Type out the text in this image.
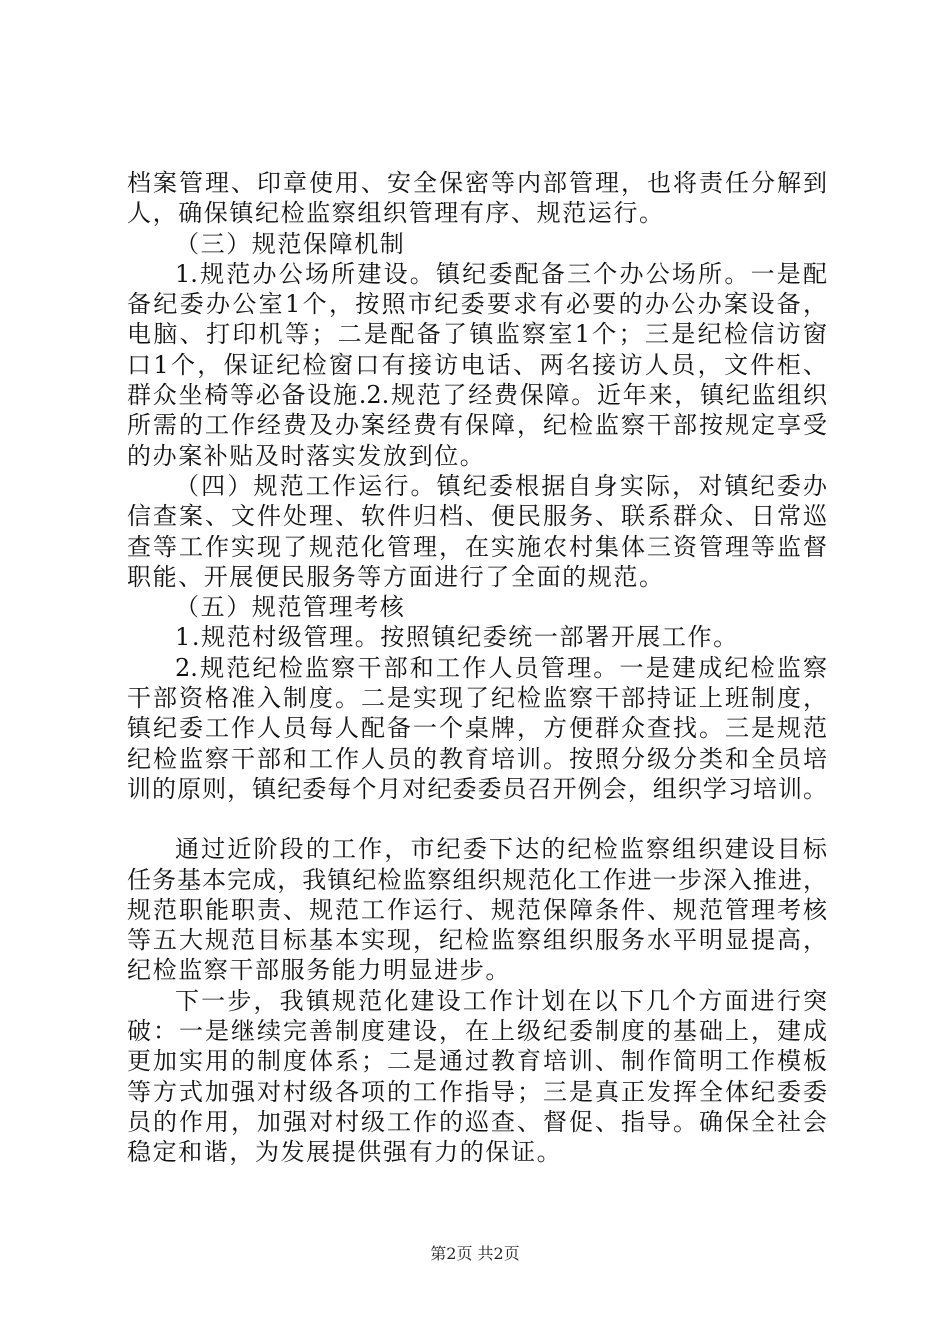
档案管理、印章使用、安全保密等内部管理，也将责任分解到
人，确保镇纪检监察组织管理有序、规范运行。
（三）规范保障机制
1.规范办公场所建设。镇纪委配备三个办公场所。一是配
备纪委办公室1个，按照市纪委要求有必要的办公办案设备，
电脑、打印机等；二是配备了镇监察室1个；三是纪检信访窗
口1个，保证纪检窗口有接访电话、两名接访人员，文件柜、
群众坐椅等必备设施.2.规范了经费保障。近年来，镇纪监组织
所需的工作经费及办案经费有保障，纪检监察干部按规定享受
的办案补贴及时落实发放到位。
（四）规范工作运行。镇纪委根据自身实际，对镇纪委办
信查案、文件处理、软件归档、便民服务、联系群众、日常巡
查等工作实现了规范化管理，在实施农村集体三资管理等监督
职能、开展便民服务等方面进行了全面的规范。
（五）规范管理考核
1.规范村级管理。按照镇纪委统一部署开展工作。
2.规范纪检监察干部和工作人员管理。一是建成纪检监察
干部资格准入制度。二是实现了纪检监察干部持证上班制度，
镇纪委工作人员每人配备一个桌牌，方便群众查找。三是规范
纪检监察干部和工作人员的教育培训。按照分级分类和全员培
训的原则，镇纪委每个月对纪委委员召开例会，组织学习培训。
通过近阶段的工作，市纪委下达的纪检监察组织建设目标
任务基本完成，我镇纪检监察组织规范化工作进一步深入推进，
规范职能职责、规范工作运行、规范保障条件、规范管理考核
等五大规范目标基本实现，纪检监察组织服务水平明显提高，
纪检监察干部服务能力明显进步。
下一步，我镇规范化建设工作计划在以下几个方面进行突
破：一是继续完善制度建设，在上级纪委制度的基础上，建成
更加实用的制度体系；二是通过教育培训、制作简明工作模板
等方式加强对村级各项的工作指导；三是真正发挥全体纪委委
员的作用，加强对村级工作的巡查、督促、指导。确保全社会
稳定和谐，为发展提供强有力的保证。
第2页 共2页
